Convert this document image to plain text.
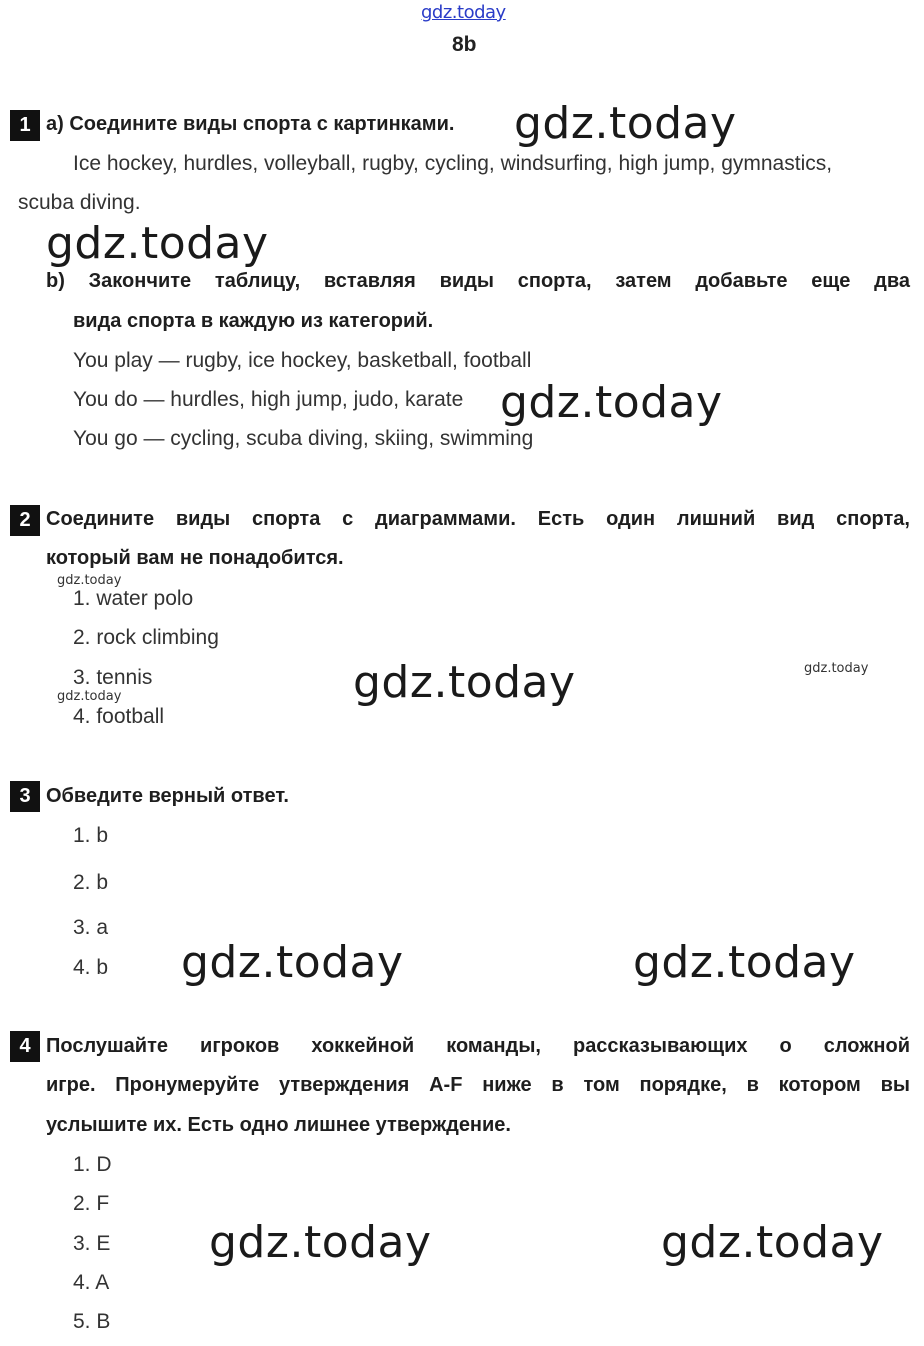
gdz.today
8b
1 a) Соедините виды спорта с картинками. gdz.today
Ice hockey, hurdles, volleyball, rugby, cycling, windsurfing, high jump, gymnastics,
scuba diving.
gdz.today
b) Закончите таблицу, вставляя виды спорта, затем добавьте еще два
вида спорта в каждую из категорий.
You play — rugby, ice hockey, basketball, football
You do — hurdles, high jump, judo, karate gdz.today
You go — cycling, scuba diving, skiing, swimming
2 Соедините виды спорта с диаграммами. Есть один лишний вид спорта,
который вам не понадобится.
gdz.today
1. water polo
2. rock climbing
3. tennis	gdz.today	gdz.today
gdz.today
4. football
3 Обведите верный ответ.
1. b
2. b
3. a
4. b gdz.today	gdz.today
4 Послушайте игроков хоккейной команды, рассказывающих о сложной
игре. Пронумеруйте утверждения A-F ниже в том порядке, в котором вы
услышите их. Есть одно лишнее утверждение.
1. D
2. F
3. E gdz.today	gdz.today
4. A
5. B
